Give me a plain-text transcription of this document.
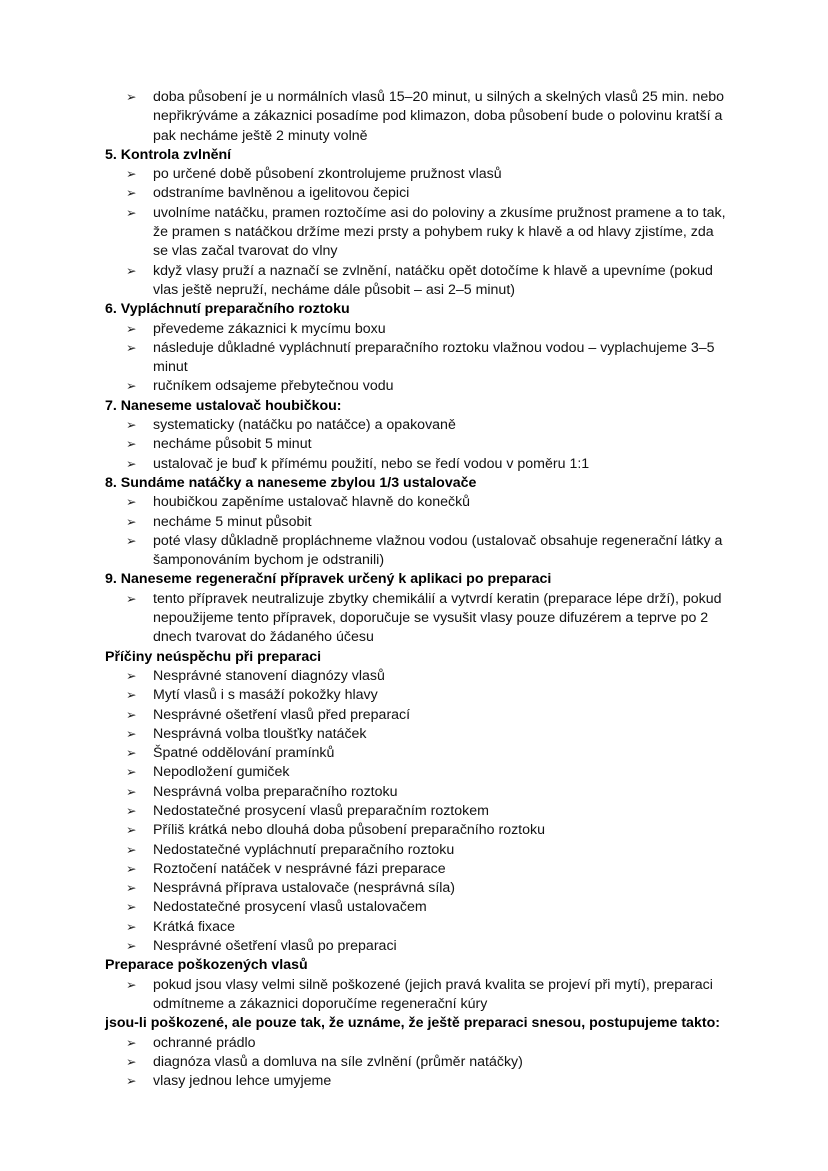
➢	doba působení je u normálních vlasů 15–20 minut, u silných a skelných vlasů 25 min. nebo nepřikrýváme a zákaznici posadíme pod klimazon, doba působení bude o polovinu kratší a pak necháme ještě 2 minuty volně
5. Kontrola zvlnění
➢	po určené době působení zkontrolujeme pružnost vlasů
➢	odstraníme bavlněnou a igelitovou čepici
➢	uvolníme natáčku, pramen roztočíme asi do poloviny a zkusíme pružnost pramene a to tak, že pramen s natáčkou držíme mezi prsty a pohybem ruky k hlavě a od hlavy zjistíme, zda se vlas začal tvarovat do vlny
➢	když vlasy pruží a naznačí se zvlnění, natáčku opět dotočíme k hlavě a upevníme (pokud vlas ještě nepruží, necháme dále působit – asi 2–5 minut)
6. Vypláchnutí preparačního roztoku
➢	převedeme zákaznici k mycímu boxu
➢	následuje důkladné vypláchnutí preparačního roztoku vlažnou vodou – vyplachujeme 3–5 minut
➢	ručníkem odsajeme přebytečnou vodu
7. Naneseme ustalovač houbičkou:
➢	systematicky (natáčku po natáčce) a opakovaně
➢	necháme působit 5 minut
➢	ustalovač je buď k přímému použití, nebo se ředí vodou v poměru 1:1
8. Sundáme natáčky a naneseme zbylou 1/3 ustalovače
➢	houbičkou zapěníme ustalovač hlavně do konečků
➢	necháme 5 minut působit
➢	poté vlasy důkladně propláchneme vlažnou vodou (ustalovač obsahuje regenerační látky a šamponováním bychom je odstranili)
9. Naneseme regenerační přípravek určený k aplikaci po preparaci
➢	tento přípravek neutralizuje zbytky chemikálií a vytvrdí keratin (preparace lépe drží), pokud nepoužijeme tento přípravek, doporučuje se vysušit vlasy pouze difuzérem a teprve po 2 dnech tvarovat do žádaného účesu
Příčiny neúspěchu při preparaci
➢	Nesprávné stanovení diagnózy vlasů
➢	Mytí vlasů i s masáží pokožky hlavy
➢	Nesprávné ošetření vlasů před preparací
➢	Nesprávná volba tloušťky natáček
➢	Špatné oddělování pramínků
➢	Nepodložení gumiček
➢	Nesprávná volba preparačního roztoku
➢	Nedostatečné prosycení vlasů preparačním roztokem
➢	Příliš krátká nebo dlouhá doba působení preparačního roztoku
➢	Nedostatečné vypláchnutí preparačního roztoku
➢	Roztočení natáček v nesprávné fázi preparace
➢	Nesprávná příprava ustalovače (nesprávná síla)
➢	Nedostatečné prosycení vlasů ustalovačem
➢	Krátká fixace
➢	Nesprávné ošetření vlasů po preparaci
Preparace poškozených vlasů
➢	pokud jsou vlasy velmi silně poškozené (jejich pravá kvalita se projeví při mytí), preparaci odmítneme a zákaznici doporučíme regenerační kúry
jsou-li poškozené, ale pouze tak, že uznáme, že ještě preparaci snesou, postupujeme takto:
➢	ochranné prádlo
➢	diagnóza vlasů a domluva na síle zvlnění (průměr natáčky)
➢	vlasy jednou lehce umyjeme
